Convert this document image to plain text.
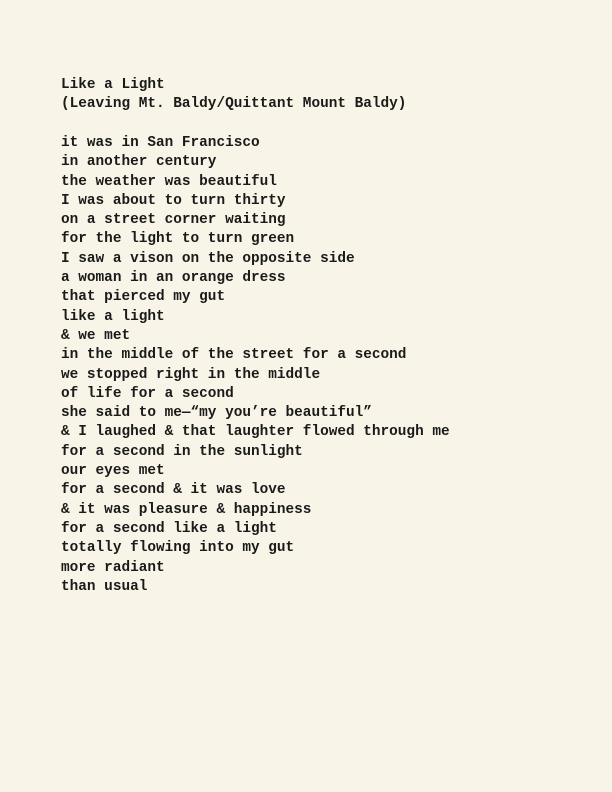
Like a Light
(Leaving Mt. Baldy/Quittant Mount Baldy)
it was in San Francisco
in another century
the weather was beautiful
I was about to turn thirty
on a street corner waiting
for the light to turn green
I saw a vison on the opposite side
a woman in an orange dress
that pierced my gut
like a light
& we met
in the middle of the street for a second
we stopped right in the middle
of life for a second
she said to me—“my you’re beautiful”
& I laughed & that laughter flowed through me
for a second in the sunlight
our eyes met
for a second & it was love
& it was pleasure & happiness
for a second like a light
totally flowing into my gut
more radiant
than usual
